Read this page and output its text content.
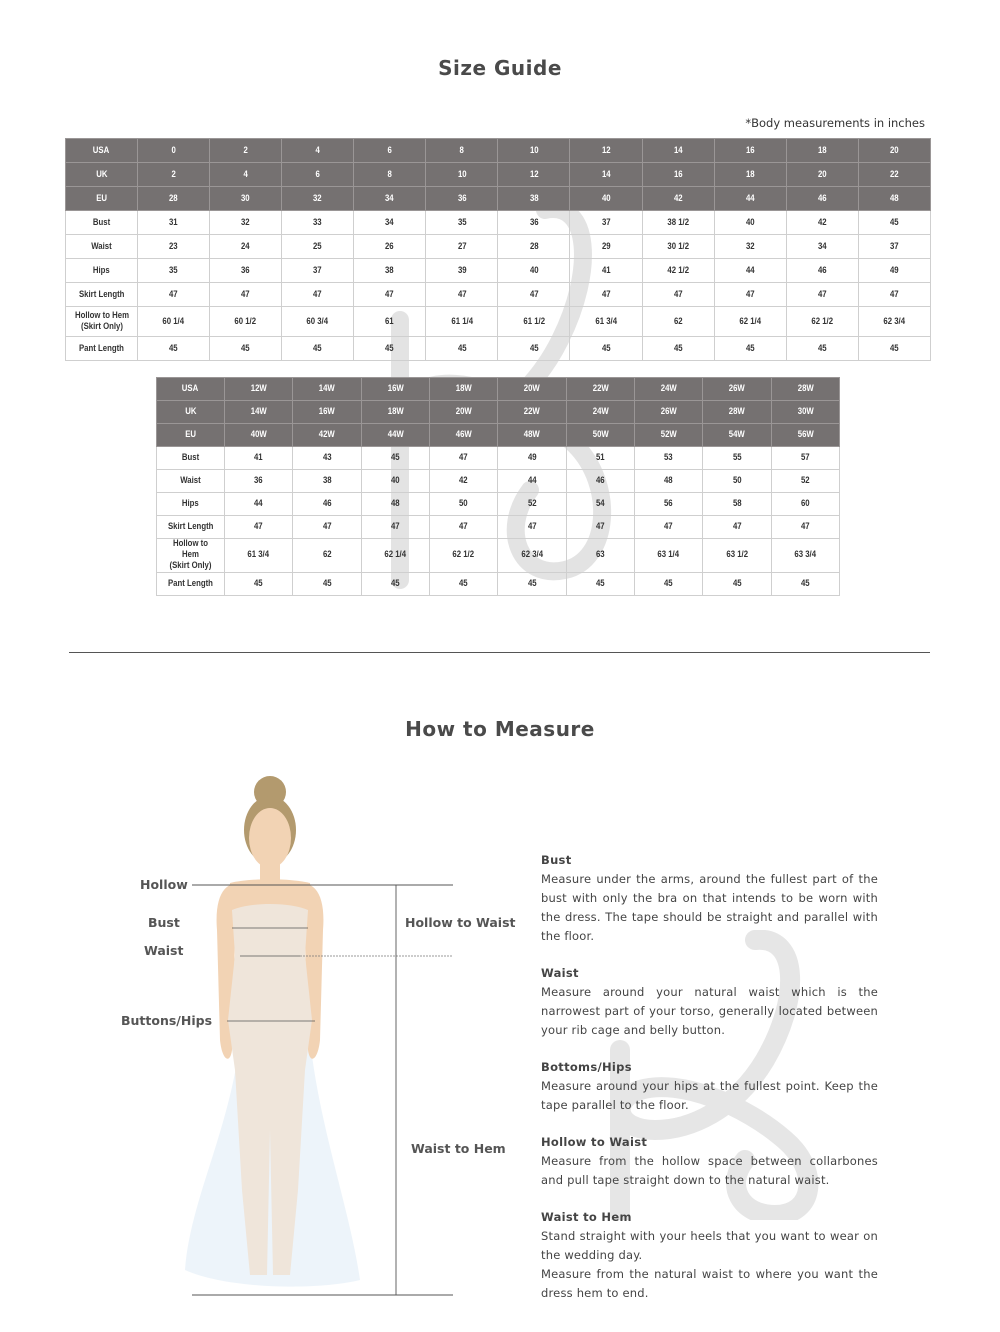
Size Guide
*Body measurements in inches
USA	0	2	4	6	8	10	12	14	16	18	20
UK	2	4	6	8	10	12	14	16	18	20	22
EU	28	30	32	34	36	38	40	42	44	46	48
Bust	31	32	33	34	35	36	37	38 1/2	40	42	45
Waist	23	24	25	26	27	28	29	30 1/2	32	34	37
Hips	35	36	37	38	39	40	41	42 1/2	44	46	49
Skirt Length	47	47	47	47	47	47	47	47	47	47	47
Hollow to Hem
(Skirt Only)	60 1/4	60 1/2	60 3/4	61	61 1/4	61 1/2	61 3/4	62	62 1/4	62 1/2	62 3/4
Pant Length	45	45	45	45	45	45	45	45	45	45	45
USA	12W	14W	16W	18W	20W	22W	24W	26W	28W
UK	14W	16W	18W	20W	22W	24W	26W	28W	30W
EU	40W	42W	44W	46W	48W	50W	52W	54W	56W
Bust	41	43	45	47	49	51	53	55	57
Waist	36	38	40	42	44	46	48	50	52
Hips	44	46	48	50	52	54	56	58	60
Skirt Length	47	47	47	47	47	47	47	47	47
Hollow to Hem
(Skirt Only)	61 3/4	62	62 1/4	62 1/2	62 3/4	63	63 1/4	63 1/2	63 3/4
Pant Length	45	45	45	45	45	45	45	45	45
How to Measure
Hollow
Bust
Waist
Buttons/Hips
Hollow to Waist
Waist to Hem
Bust

Measure under the arms, around the fullest part of the bust with only the bra on that intends to be worn with the dress. The tape should be straight and parallel with the floor.

Waist

Measure around your natural waist which is the narrowest part of your torso, generally located between your rib cage and belly button.

Bottoms/Hips

Measure around your hips at the fullest point. Keep the tape parallel to the floor.

Hollow to Waist

Measure from the hollow space between collarbones and pull tape straight down to the natural waist.

Waist to Hem

Stand straight with your heels that you want to wear on the wedding day.

Measure from the natural waist to where you want the dress hem to end.
